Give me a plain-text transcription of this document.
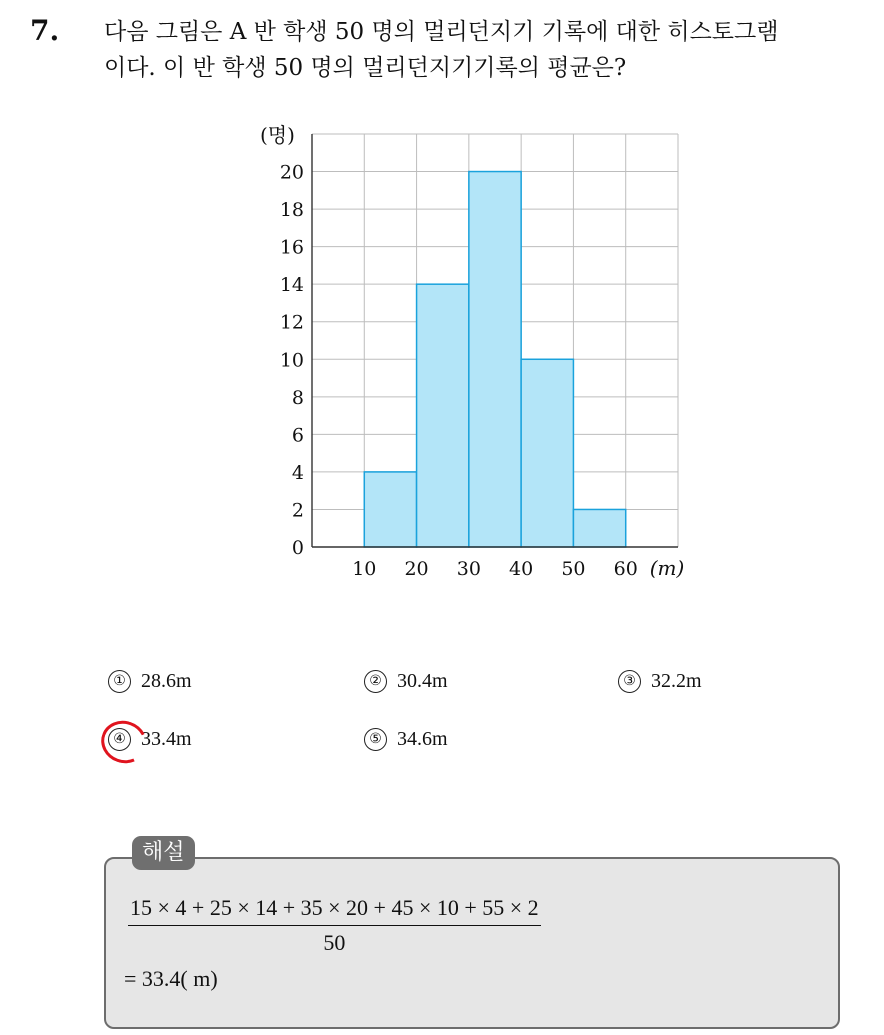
7. 다음 그림은 A 반 학생 50 명의 멀리던지기 기록에 대한 히스토그램
이다. 이 반 학생 50 명의 멀리던지기기록의 평균은?
0
2
4
6
8
10
12
14
16
18
20
10 20 30 40 50 60
(명)
(m)
① 28.6m	② 30.4m	③ 32.2m
④ 33.4m	⑤ 34.6m
해설
$\frac{15 \times 4 + 25 \times 14 + 35 \times 20 + 45 \times 10 + 55 \times 2}{50}$
= 33.4( m)
